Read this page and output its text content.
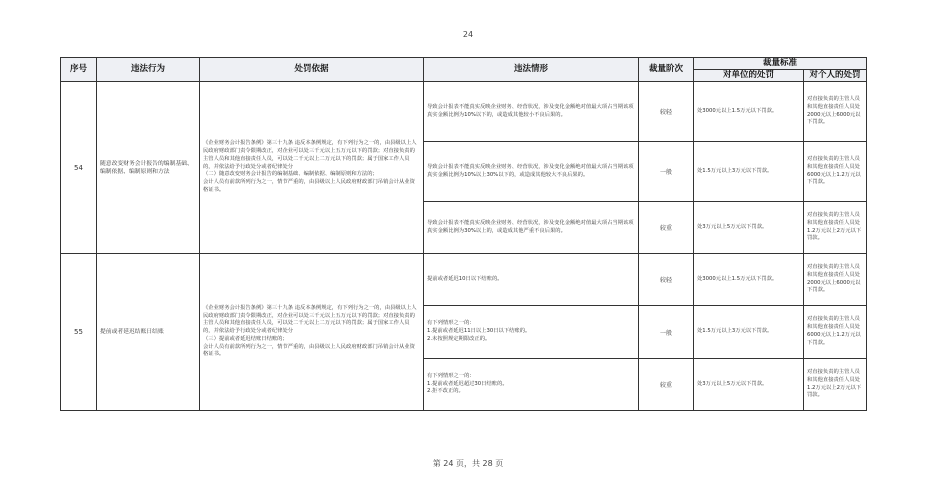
24
序号	违法行为	处罚依据	违法情形	裁量阶次	裁量标准	
					对单位的处罚	对个人的处罚
54	随意改变财务会计报告的编制基础、编制依据、编制原则和方法	《企业财务会计报告条例》第三十九条 违反本条例规定，有下列行为之一的，由县级以上人民政府财政部门责令限期改正，对企业可以处三千元以上五万元以下的罚款；对直接负责的主管人员和其他直接责任人员，可以处二千元以上二万元以下的罚款；属于国家工作人员的，并依法给予行政处分或者纪律处分
（二）随意改变财务会计报告的编制基础、编制依据、编制原则和方法的；
会计人员有前款所列行为之一，情节严重的，由县级以上人民政府财政部门吊销会计从业资格证书。	导致会计报表不能真实反映企业财务、经营状况，涉及变化金额绝对值最大项占当期该项真实金额比例为10%以下的，或造成其他较小不良后果的。	较轻	处3000元以上1.5万元以下罚款。	对直接负责的主管人员和其他直接责任人员处2000元以上6000元以下罚款。
			导致会计报表不能真实反映企业财务、经营状况，涉及变化金额绝对值最大项占当期该项真实金额比例为10%以上30%以下的，或造成其他较大不良后果的。	一般	处1.5万元以上3万元以下罚款。	对直接负责的主管人员和其他直接责任人员处6000元以上1.2万元以下罚款。
			导致会计报表不能真实反映企业财务、经营状况，涉及变化金额绝对值最大项占当期该项真实金额比例为30%以上的，或造成其他严重不良后果的。	较重	处3万元以上5万元以下罚款。	对直接负责的主管人员和其他直接责任人员处1.2万元以上2万元以下罚款。
55	提前或者延迟结账日结账	《企业财务会计报告条例》第三十九条 违反本条例规定，有下列行为之一的，由县级以上人民政府财政部门责令限期改正，对企业可以处三千元以上五万元以下的罚款；对直接负责的主管人员和其他直接责任人员，可以处二千元以上二万元以下的罚款；属于国家工作人员的，并依法给予行政处分或者纪律处分
（三）提前或者延迟结账日结账的；
会计人员有前款所列行为之一，情节严重的，由县级以上人民政府财政部门吊销会计从业资格证书。	提前或者延迟10日以下结账的。	较轻	处3000元以上1.5万元以下罚款。	对直接负责的主管人员和其他直接责任人员处2000元以上6000元以下罚款。
			有下列情形之一的：
1.提前或者延迟11日以上30日以下结账的。
2.未按照规定期限改正的。	一般	处1.5万元以上3万元以下罚款。	对直接负责的主管人员和其他直接责任人员处6000元以上1.2万元以下罚款。
			有下列情形之一的：
1.提前或者延迟超过30日结账的。
2.拒不改正的。	较重	处3万元以上5万元以下罚款。	对直接负责的主管人员和其他直接责任人员处1.2万元以上2万元以下罚款。
第 24 页，共 28 页
